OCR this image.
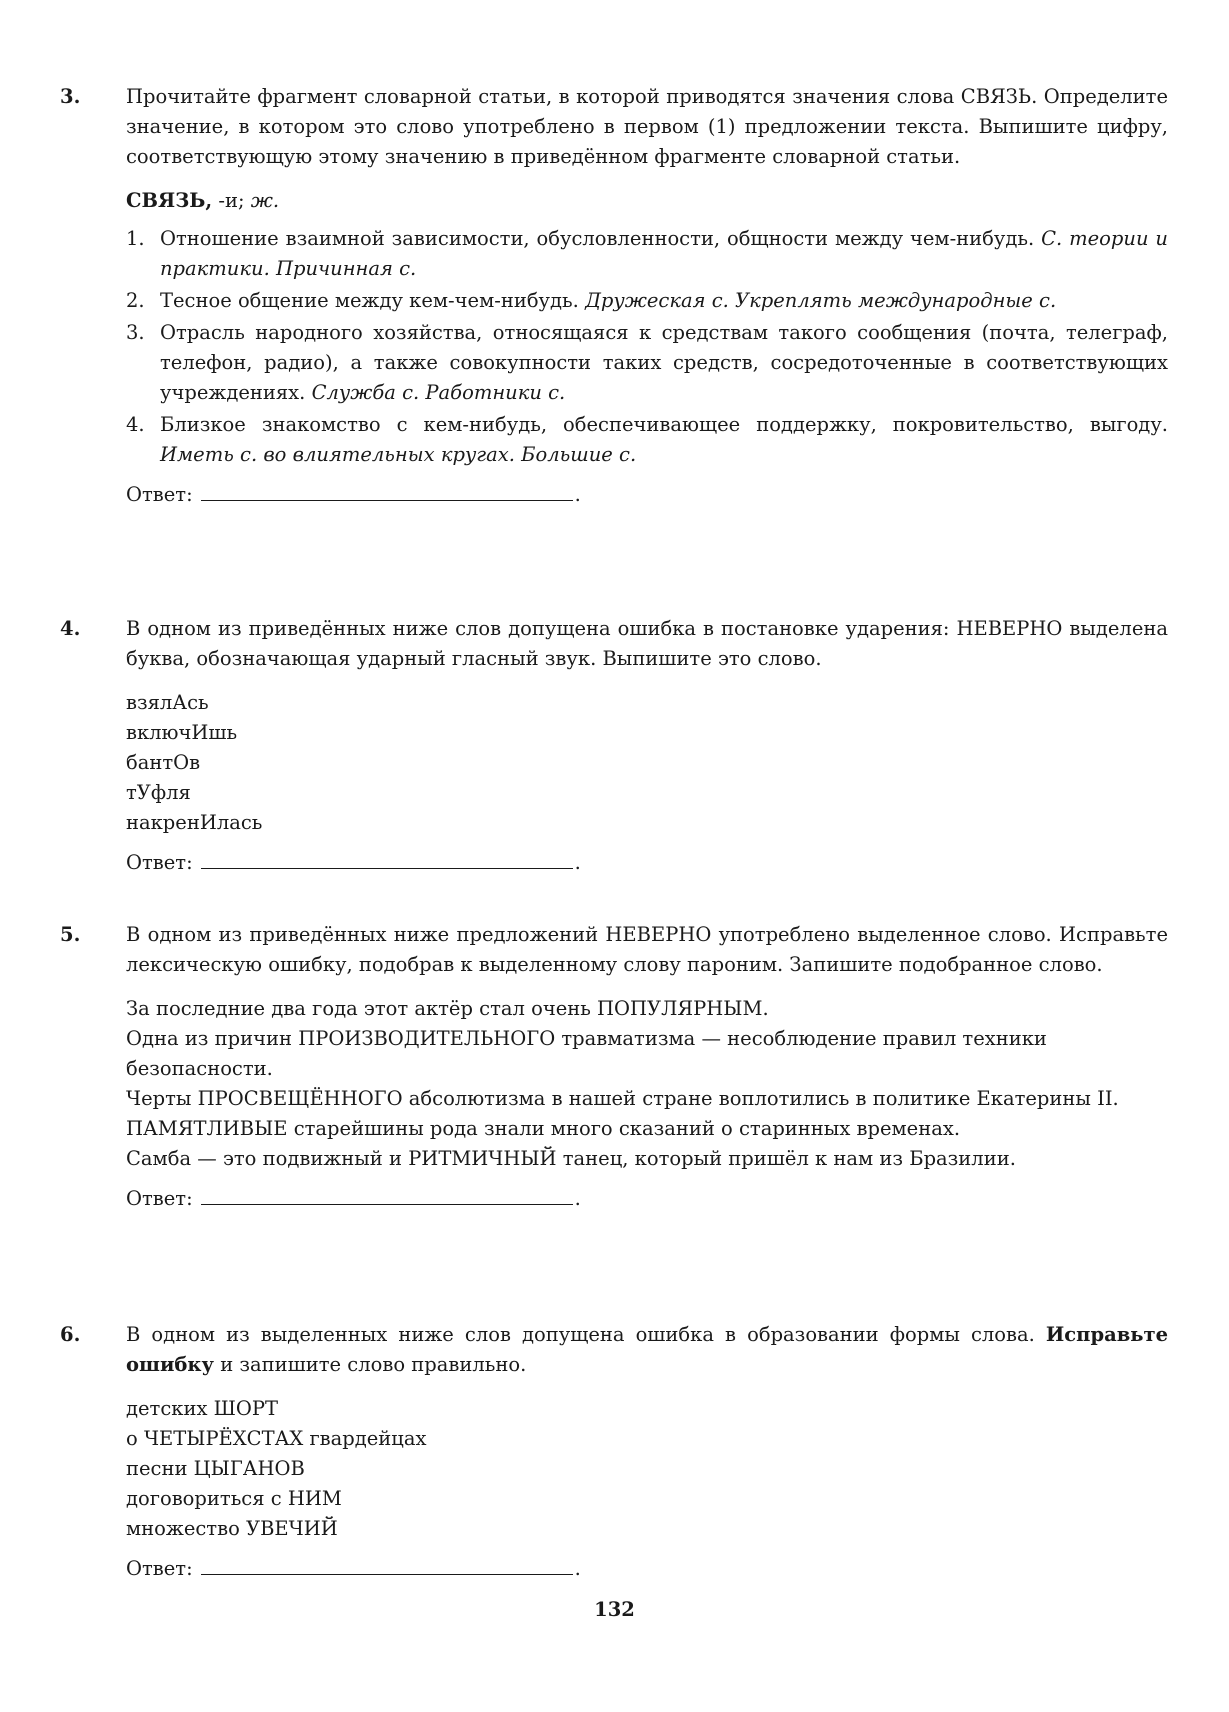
3.	Прочитайте фрагмент словарной статьи, в которой приводятся значения слова СВЯЗЬ. Определите значение, в котором это слово употреблено в первом (1) предложении текста. Выпишите цифру, соответствующую этому значению в приведённом фрагменте словарной статьи.

СВЯЗЬ, -и; ж.
1. Отношение взаимной зависимости, обусловленности, общности между чем-нибудь. С. теории и практики. Причинная с.
2. Тесное общение между кем-чем-нибудь. Дружеская с. Укреплять международные с.
3. Отрасль народного хозяйства, относящаяся к средствам такого сообщения (почта, телеграф, телефон, радио), а также совокупности таких средств, сосредоточенные в соответствующих учреждениях. Служба с. Работники с.
4. Близкое знакомство с кем-нибудь, обеспечивающее поддержку, покровительство, выгоду. Иметь с. во влиятельных кругах. Большие с.
Ответ:	.
4.	В одном из приведённых ниже слов допущена ошибка в постановке ударения: НЕВЕРНО выделена буква, обозначающая ударный гласный звук. Выпишите это слово.

взялАсь
включИшь
бантОв
тУфля
накренИлась
Ответ:	.
5.	В одном из приведённых ниже предложений НЕВЕРНО употреблено выделенное слово. Исправьте лексическую ошибку, подобрав к выделенному слову пароним. Запишите подобранное слово.

За последние два года этот актёр стал очень ПОПУЛЯРНЫМ.
Одна из причин ПРОИЗВОДИТЕЛЬНОГО травматизма — несоблюдение правил техники безопасности.
Черты ПРОСВЕЩЁННОГО абсолютизма в нашей стране воплотились в политике Екатерины II.
ПАМЯТЛИВЫЕ старейшины рода знали много сказаний о старинных временах.
Самба — это подвижный и РИТМИЧНЫЙ танец, который пришёл к нам из Бразилии.
Ответ:	.
6.	В одном из выделенных ниже слов допущена ошибка в образовании формы слова. Исправьте ошибку и запишите слово правильно.

детских ШОРТ
о ЧЕТЫРЁХСТАХ гвардейцах
песни ЦЫГАНОВ
договориться с НИМ
множество УВЕЧИЙ
Ответ:	.
132
